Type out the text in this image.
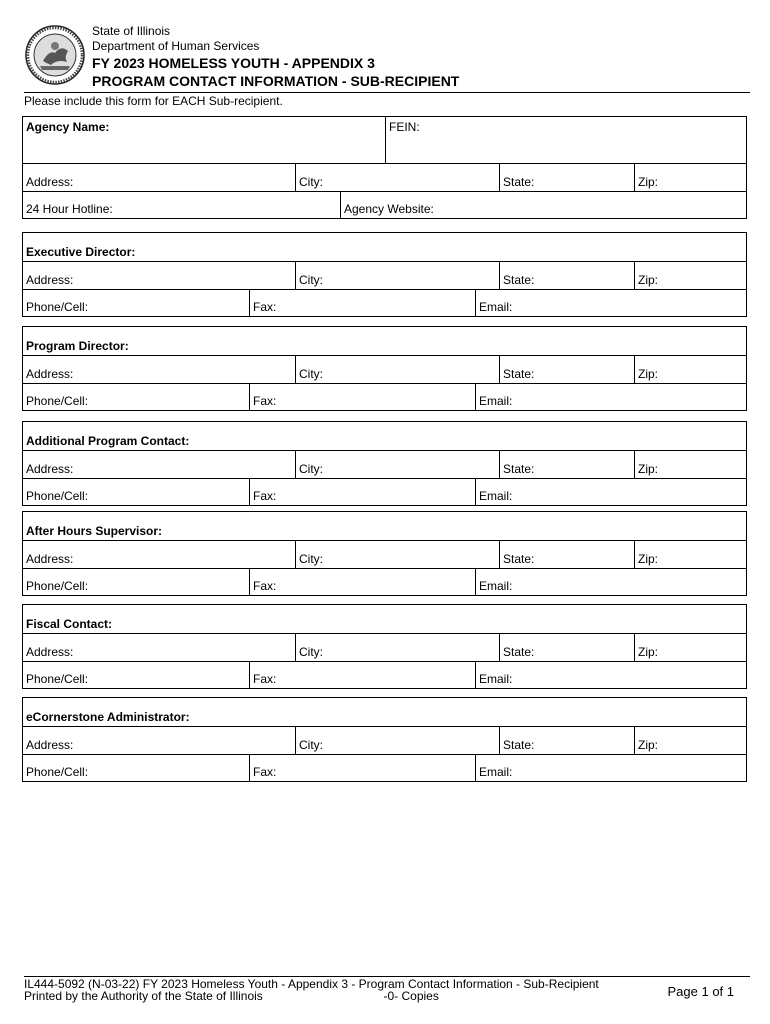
State of Illinois
Department of Human Services
FY 2023 HOMELESS YOUTH - APPENDIX 3
PROGRAM CONTACT INFORMATION - SUB-RECIPIENT
Please include this form for EACH Sub-recipient.
Agency Name:	FEIN:
Address:	City:	State:	Zip:
24 Hour Hotline:	Agency Website:
Executive Director:
Address:	City:	State:	Zip:
Phone/Cell:	Fax:	Email:
Program Director:
Address:	City:	State:	Zip:
Phone/Cell:	Fax:	Email:
Additional Program Contact:
Address:	City:	State:	Zip:
Phone/Cell:	Fax:	Email:
After Hours Supervisor:
Address:	City:	State:	Zip:
Phone/Cell:	Fax:	Email:
Fiscal Contact:
Address:	City:	State:	Zip:
Phone/Cell:	Fax:	Email:
eCornerstone Administrator:
Address:	City:	State:	Zip:
Phone/Cell:	Fax:	Email:
IL444-5092 (N-03-22) FY 2023 Homeless Youth - Appendix 3 - Program Contact Information - Sub-Recipient
Printed by the Authority of the State of Illinois	-0- Copies	Page 1 of 1
